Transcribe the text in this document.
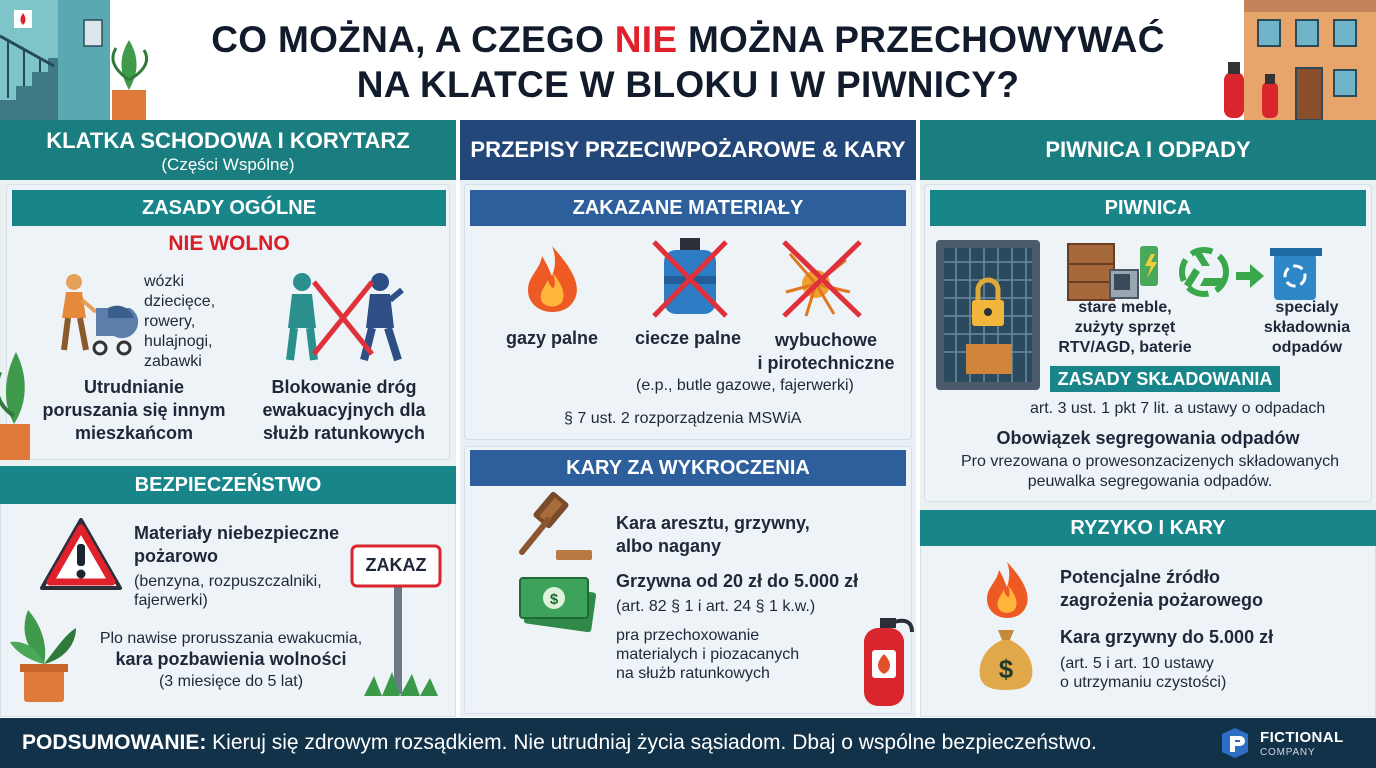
CO MOŻNA, A CZEGO NIE MOŻNA PRZECHOWYWAĆ
NA KLATCE W BLOKU I W PIWNICY?
KLATKA SCHODOWA I KORYTARZ
(Części Wspólne)
ZASADY OGÓLNE
NIE WOLNO
wózki
dziecięce,
rowery,
hulajnogi,
zabawki
Utrudnianie
poruszania się innym
mieszkańcom
Blokowanie dróg
ewakuacyjnych dla
służb ratunkowych
BEZPIECZEŃSTWO
Materiały niebezpieczne
pożarowo
(benzyna, rozpuszczalniki,
fajerwerki)
ZAKAZ
Plo nawise prorusszania ewakucmia,
kara pozbawienia wolności
(3 miesięce do 5 lat)
PRZEPISY PRZECIWPOŻAROWE & KARY
ZAKAZANE MATERIAŁY
gazy palne	ciecze palne	wybuchowe
i pirotechniczne
(e.p., butle gazowe, fajerwerki)
§ 7 ust. 2 rozporządzenia MSWiA
KARY ZA WYKROCZENIA
Kara aresztu, grzywny,
albo nagany
$
Grzywna od 20 zł do 5.000 zł
(art. 82 § 1 i art. 24 § 1 k.w.)
pra przechoxowanie
materialych i piozacanych
na służb ratunkowych
PIWNICA I ODPADY
PIWNICA
stare meble,
zużyty sprzęt
RTV/AGD, baterie
specialy
składownia
odpadów
ZASADY SKŁADOWANIA
art. 3 ust. 1 pkt 7 lit. a ustawy o odpadach
Obowiązek segregowania odpadów
Pro vrezowana o prowesonzacizenych składowanych
peuwalka segregowania odpadów.
RYZYKO I KARY
Potencjalne źródło
zagrożenia pożarowego
$
Kara grzywny do 5.000 zł
(art. 5 i art. 10 ustawy
o utrzymaniu czystości)
PODSUMOWANIE: Kieruj się zdrowym rozsądkiem. Nie utrudniaj życia sąsiadom. Dbaj o wspólne bezpieczeństwo.	FICTIONAL
COMPANY
